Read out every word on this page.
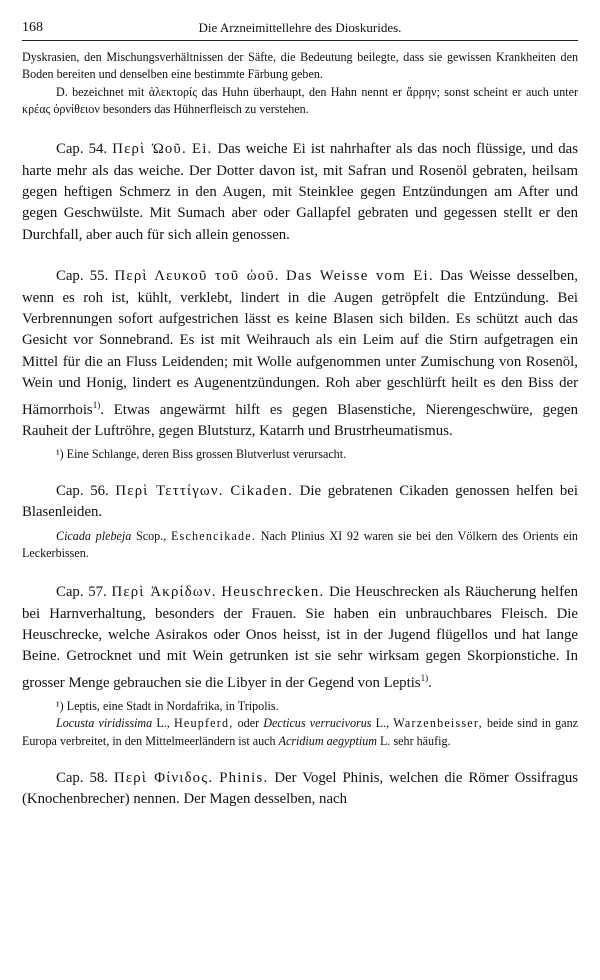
168	Die Arzneimittellehre des Dioskurides.

Dyskrasien, den Mischungsverhältnissen der Säfte, die Bedeutung beilegte, dass sie gewissen Krankheiten den Boden bereiten und denselben eine bestimmte Färbung geben.

D. bezeichnet mit ἀλεκτορίς das Huhn überhaupt, den Hahn nennt er ἄρρην; sonst scheint er auch unter κρέας ὀρνίθειον besonders das Hühnerfleisch zu verstehen.

Cap. 54. Περὶ Ὠοῦ. Ei. Das weiche Ei ist nahrhafter als das noch flüssige, und das harte mehr als das weiche. Der Dotter davon ist, mit Safran und Rosenöl gebraten, heilsam gegen heftigen Schmerz in den Augen, mit Steinklee gegen Entzündungen am After und gegen Geschwülste. Mit Sumach aber oder Gallapfel gebraten und gegessen stellt er den Durchfall, aber auch für sich allein genossen.

Cap. 55. Περὶ Λευκοῦ τοῦ ὠοῦ. Das Weisse vom Ei. Das Weisse desselben, wenn es roh ist, kühlt, verklebt, lindert in die Augen getröpfelt die Entzündung. Bei Verbrennungen sofort aufgestrichen lässt es keine Blasen sich bilden. Es schützt auch das Gesicht vor Sonnebrand. Es ist mit Weihrauch als ein Leim auf die Stirn aufgetragen ein Mittel für die an Fluss Leidenden; mit Wolle aufgenommen unter Zumischung von Rosenöl, Wein und Honig, lindert es Augenentzündungen. Roh aber geschlürft heilt es den Biss der Hämorrhois$^{1)}$. Etwas angewärmt hilft es gegen Blasenstiche, Nierengeschwüre, gegen Rauheit der Luftröhre, gegen Blutsturz, Katarrh und Brustrheumatismus.

¹) Eine Schlange, deren Biss grossen Blutverlust verursacht.

Cap. 56. Περὶ Τεττίγων. Cikaden. Die gebratenen Cikaden genossen helfen bei Blasenleiden.

Cicada plebeja Scop., Eschencikade. Nach Plinius XI 92 waren sie bei den Völkern des Orients ein Leckerbissen.

Cap. 57. Περὶ Ἀκρίδων. Heuschrecken. Die Heuschrecken als Räucherung helfen bei Harnverhaltung, besonders der Frauen. Sie haben ein unbrauchbares Fleisch. Die Heuschrecke, welche Asirakos oder Onos heisst, ist in der Jugend flügellos und hat lange Beine. Getrocknet und mit Wein getrunken ist sie sehr wirksam gegen Skorpionstiche. In grosser Menge gebrauchen sie die Libyer in der Gegend von Leptis$^{1)}$.

¹) Leptis, eine Stadt in Nordafrika, in Tripolis.

Locusta viridissima L., Heupferd, oder Decticus verrucivorus L., Warzenbeisser, beide sind in ganz Europa verbreitet, in den Mittelmeerländern ist auch Acridium aegyptium L. sehr häufig.

Cap. 58. Περὶ Φίνιδος. Phinis. Der Vogel Phinis, welchen die Römer Ossifragus (Knochenbrecher) nennen. Der Magen desselben, nach
